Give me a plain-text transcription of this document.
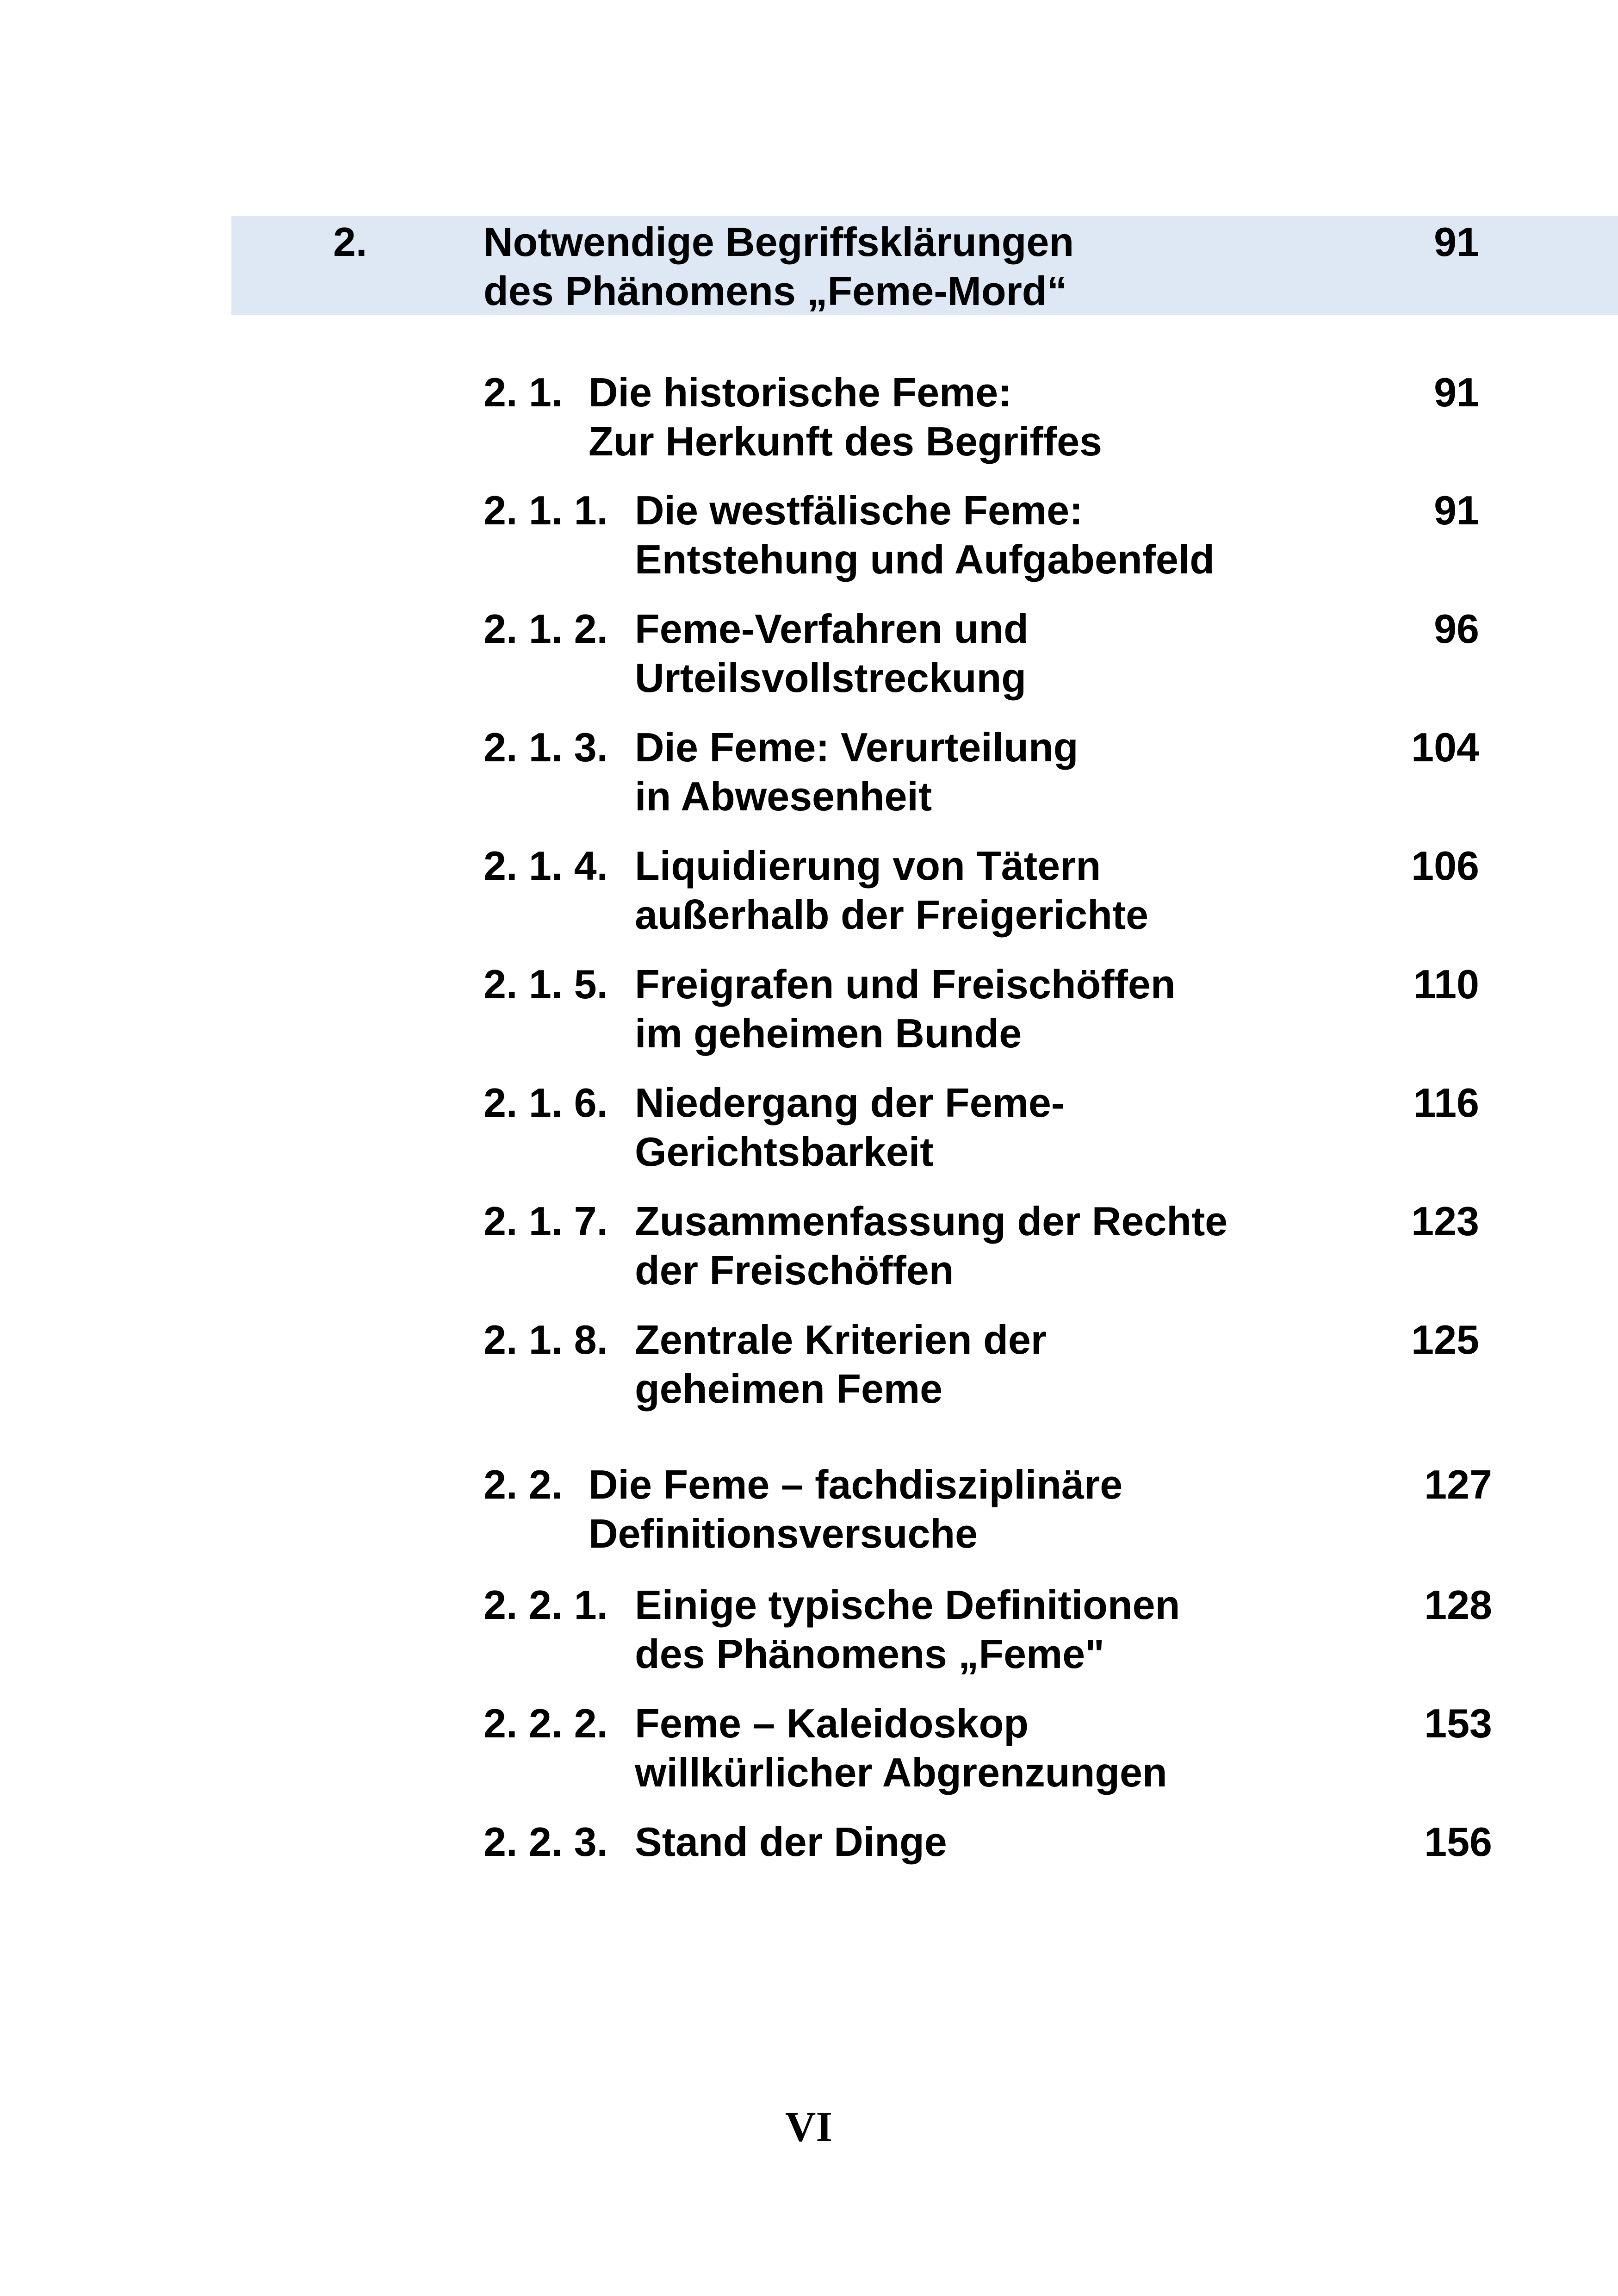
2.	Notwendige Begriffsklärungen
des Phänomens „Feme-Mord“
91
2. 1. Die historische Feme:
Zur Herkunft des Begriffes
91
2. 1. 1. Die westfälische Feme:
Entstehung und Aufgabenfeld
91
2. 1. 2. Feme-Verfahren und
Urteilsvollstreckung
96
2. 1. 3. Die Feme: Verurteilung
in Abwesenheit
104
2. 1. 4. Liquidierung von Tätern
außerhalb der Freigerichte
106
2. 1. 5. Freigrafen und Freischöffen
im geheimen Bunde
110
2. 1. 6. Niedergang der Feme-
Gerichtsbarkeit
116
2. 1. 7. Zusammenfassung der Rechte
der Freischöffen
123
2. 1. 8. Zentrale Kriterien der
geheimen Feme
125
2. 2. Die Feme – fachdisziplinäre
Definitionsversuche
127
2. 2. 1. Einige typische Definitionen
des Phänomens „Feme"
128
2. 2. 2. Feme – Kaleidoskop
willkürlicher Abgrenzungen
153
2. 2. 3. Stand der Dinge	156
VI
